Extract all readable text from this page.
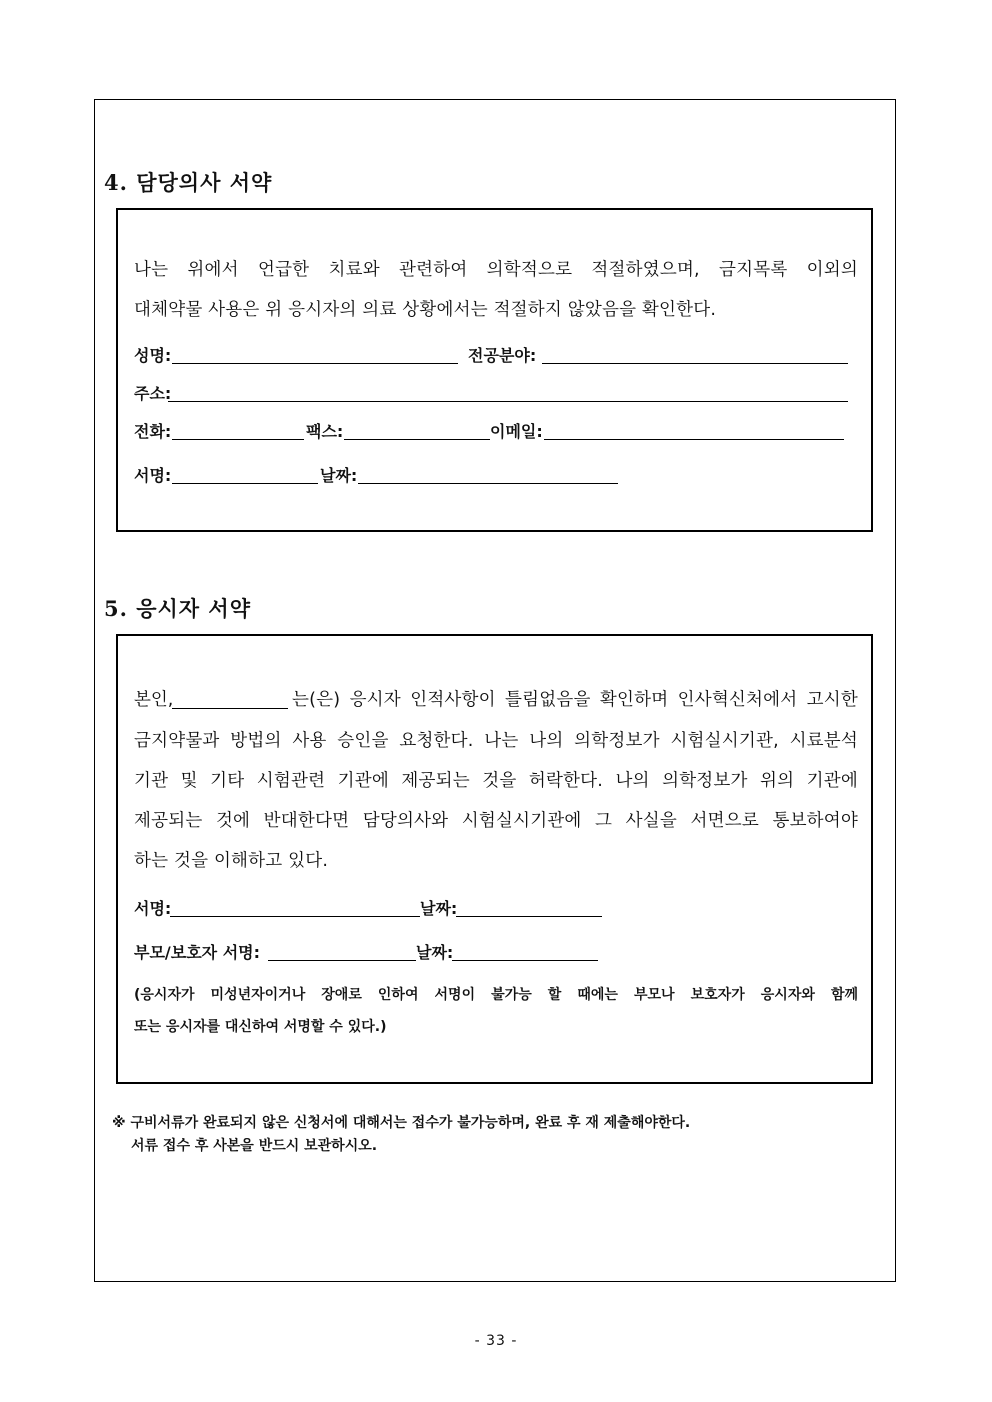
4. 담당의사 서약
나는 위에서 언급한 치료와 관련하여 의학적으로 적절하였으며, 금지목록 이외의
대체약물 사용은 위 응시자의 의료 상황에서는 적절하지 않았음을 확인한다.
성명:	전공분야:
주소:
전화:	팩스:	이메일:
서명:	날짜:
5. 응시자 서약
본인,	는(은) 응시자 인적사항이 틀림없음을 확인하며 인사혁신처에서 고시한
금지약물과 방법의 사용 승인을 요청한다. 나는 나의 의학정보가 시험실시기관, 시료분석
기관 및 기타 시험관련 기관에 제공되는 것을 허락한다. 나의 의학정보가 위의 기관에
제공되는 것에 반대한다면 담당의사와 시험실시기관에 그 사실을 서면으로 통보하여야
하는 것을 이해하고 있다.
서명:	날짜:
부모/보호자 서명:	날짜:
(응시자가 미성년자이거나 장애로 인하여 서명이 불가능 할 때에는 부모나 보호자가 응시자와 함께
또는 응시자를 대신하여 서명할 수 있다.)
※ 구비서류가 완료되지 않은 신청서에 대해서는 접수가 불가능하며, 완료 후 재 제출해야한다.
서류 접수 후 사본을 반드시 보관하시오.
- 33 -
